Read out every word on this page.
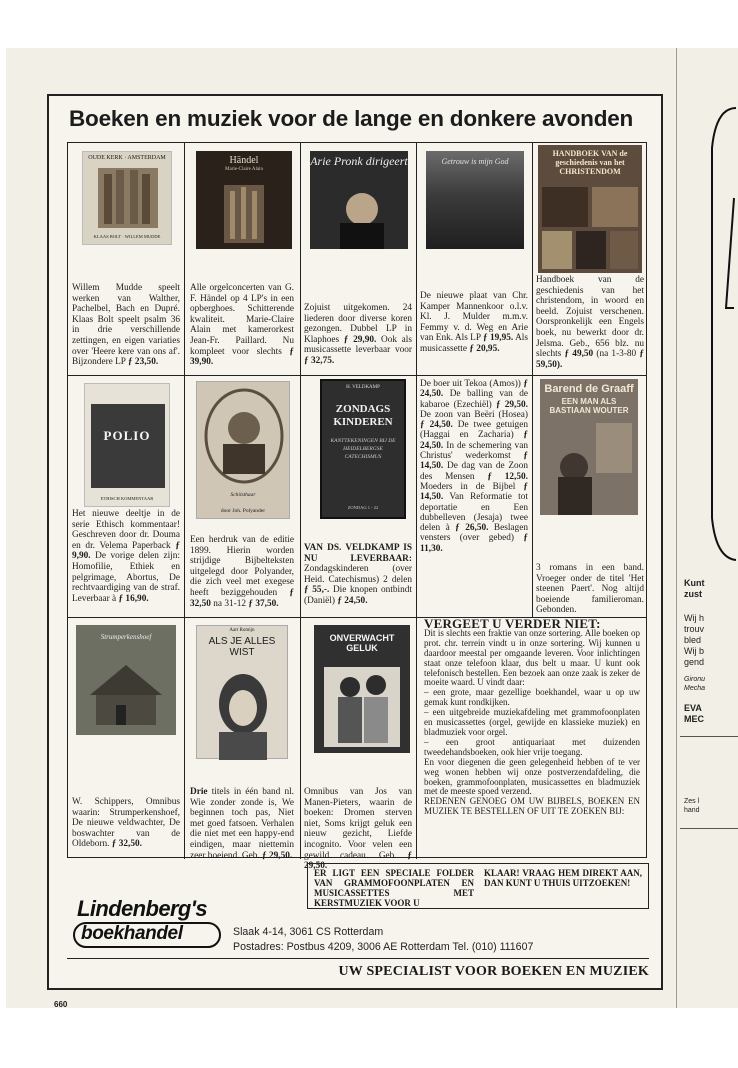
Kunt
zust
Wij h
trouv
bled
Wij b
gend
Gironu
Mecha
EVA
MEC
Zes l
hand
Boeken en muziek voor de lange en donkere avonden
OUDE KERK · AMSTERDAM
KLAAS BOLT · WILLEM MUDDE
Willem Mudde speelt werken van Walther, Pachelbel, Bach en Dupré. Klaas Bolt speelt psalm 36 in drie verschillende zettingen, en eigen variaties over 'Heere kere van ons af'. Bijzondere LP ƒ 23,50.
Händel
Marie-Claire Alain
Alle orgelconcerten van G. F. Händel op 4 LP's in een opberghoes. Schitterende kwaliteit. Marie-Claire Alain met kamerorkest Jean-Fr. Paillard. Nu kompleet voor slechts ƒ 39,90.
Arie Pronk dirigeert
Zojuist uitgekomen. 24 liederen door diverse koren gezongen. Dubbel LP in Klaphoes ƒ 29,90. Ook als musicassette leverbaar voor ƒ 32,75.
Getrouw is mijn God
De nieuwe plaat van Chr. Kamper Mannenkoor o.l.v. Kl. J. Mulder m.m.v. Femmy v. d. Weg en Arie van Enk. Als LP ƒ 19,95. Als musicassette ƒ 20,95.
HANDBOEK VAN de geschiedenis van het CHRISTENDOM
Handboek van de geschiedenis van het christendom, in woord en beeld. Zojuist verschenen. Oorspronkelijk een Engels boek, nu bewerkt door dr. Jelsma. Geb., 656 blz. nu slechts ƒ 49,50 (na 1-3-80 ƒ 59,50).
POLIO
ETHISCH KOMMENTAAR
Het nieuwe deeltje in de serie Ethisch kommentaar! Geschreven door dr. Douma en dr. Velema Paperback ƒ 9,90. De vorige delen zijn: Homofilie, Ethiek en pelgrimage, Abortus, De rechtvaardiging van de straf. Leverbaar à ƒ 16,90.
Schilsthaar
door Joh. Polyander
Een herdruk van de editie 1899. Hierin worden strijdige Bijbelteksten uitgelegd door Polyander, die zich veel met exegese heeft beziggehouden ƒ 32,50 na 31-12 ƒ 37,50.
H. VELDKAMP
ZONDAGS KINDEREN
KANTTEKENINGEN BIJ DE HEIDELBERGSE CATECHISMUS
ZONDAG 1 - 22
VAN DS. VELDKAMP IS NU LEVERBAAR: Zondagskinderen (over Heid. Catechismus) 2 delen ƒ 55,-. Die knopen ontbindt (Daniël) ƒ 24,50.
De boer uit Tekoa (Amos)) ƒ 24,50. De balling van de kabaroe (Ezechiël) ƒ 29,50. De zoon van Beëri (Hosea) ƒ 24,50. De twee getuigen (Haggai en Zacharia) ƒ 24,50. In de schemering van Christus' wederkomst ƒ 14,50. De dag van de Zoon des Mensen ƒ 12,50. Moeders in de Bijbel ƒ 14,50. Van Reformatie tot deportatie en Een dubbelleven (Jesaja) twee delen à ƒ 26,50. Beslagen vensters (over gebed) ƒ 11,30.
Barend de Graaff
EEN MAN ALS BASTIAAN WOUTER
3 romans in een band. Vroeger onder de titel 'Het steenen Paert'. Nog altijd boeiende familieroman. Gebonden.
Strumperkenshoef
W. Schippers, Omnibus waarin: Strumperkenshoef, De nieuwe veldwachter, De boswachter van de Oldeborn. ƒ 32,50.
Aart Romijn
ALS JE ALLES WIST
Drie titels in één band nl. Wie zonder zonde is, We beginnen toch pas, Niet met goed fatsoen. Verhalen die niet met een happy-end eindigen, maar niettemin zeer boeiend. Geb. ƒ 29,50.
ONVERWACHT GELUK
Omnibus van Jos van Manen-Pieters, waarin de boeken: Dromen sterven niet, Soms krijgt geluk een nieuw gezicht, Liefde incognito. Voor velen een gewild cadeau. Geb. ƒ 29,50.
VERGEET U VERDER NIET:
Dit is slechts een fraktie van onze sortering. Alle boeken op prot. chr. terrein vindt u in onze sortering. Wij kunnen u daardoor meestal per omgaande leveren. Voor inlichtingen staat onze telefoon klaar, dus belt u maar. U kunt ook telefonisch bestellen. Een bezoek aan onze zaak is zeker de moeite waard. U vindt daar:
– een grote, maar gezellige boekhandel, waar u op uw gemak kunt rondkijken.
– een uitgebreide muziekafdeling met grammofoonplaten en musicassettes (orgel, gewijde en klassieke muziek) en bladmuziek voor orgel.
– een groot antiquariaat met duizenden tweedehandsboeken, ook hier vrije toegang.
En voor diegenen die geen gelegenheid hebben of te ver weg wonen hebben wij onze postverzendafdeling, die boeken, grammofoonplaten, musicassettes en bladmuziek met de meeste spoed verzend.
REDENEN GENOEG OM UW BIJBELS, BOEKEN EN MUZIEK TE BESTELLEN OF UIT TE ZOEKEN BIJ:
ER LIGT EEN SPECIALE FOLDER VAN GRAMMOFOONPLATEN EN MUSICASSETTES MET KERSTMUZIEK VOOR U
KLAAR! VRAAG HEM DIREKT AAN, DAN KUNT U THUIS UITZOEKEN!
Lindenberg's
boekhandel	Slaak 4-14, 3061 CS Rotterdam
Postadres: Postbus 4209, 3006 AE Rotterdam Tel. (010) 111607
UW SPECIALIST VOOR BOEKEN EN MUZIEK
660
